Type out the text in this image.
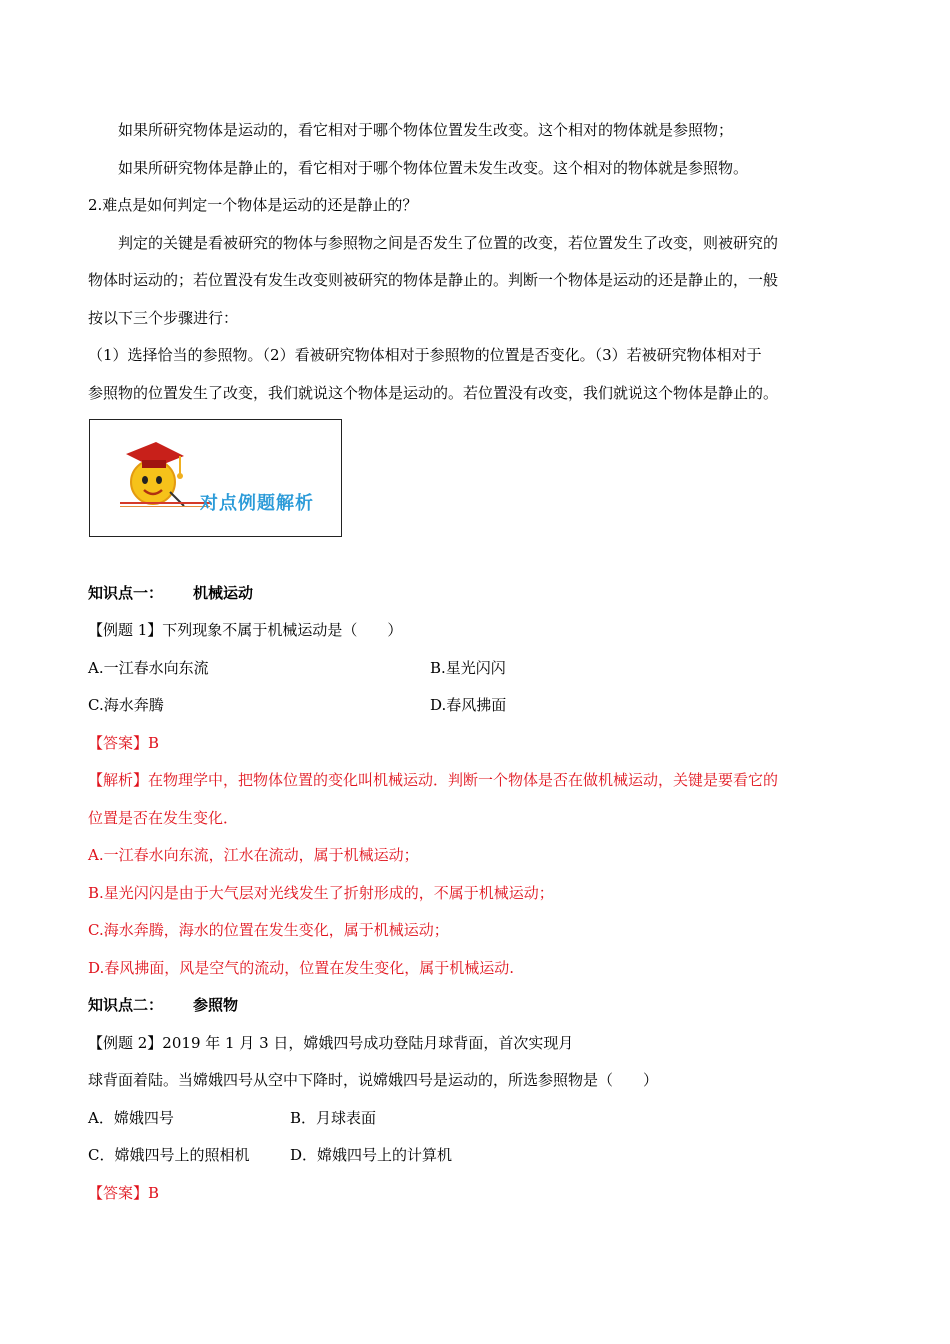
如果所研究物体是运动的，看它相对于哪个物体位置发生改变。这个相对的物体就是参照物；
如果所研究物体是静止的，看它相对于哪个物体位置未发生改变。这个相对的物体就是参照物。
2.难点是如何判定一个物体是运动的还是静止的？
判定的关键是看被研究的物体与参照物之间是否发生了位置的改变，若位置发生了改变，则被研究的
物体时运动的；若位置没有发生改变则被研究的物体是静止的。判断一个物体是运动的还是静止的，一般
按以下三个步骤进行：
（1）选择恰当的参照物。（2）看被研究物体相对于参照物的位置是否变化。（3）若被研究物体相对于
参照物的位置发生了改变，我们就说这个物体是运动的。若位置没有改变，我们就说这个物体是静止的。
对点例题解析
知识点一： 机械运动
【例题 1】下列现象不属于机械运动是（　　）
A.一江春水向东流	B.星光闪闪
C.海水奔腾	D.春风拂面
【答案】B
【解析】在物理学中，把物体位置的变化叫机械运动．判断一个物体是否在做机械运动，关键是要看它的
位置是否在发生变化．
A.一江春水向东流，江水在流动，属于机械运动；
B.星光闪闪是由于大气层对光线发生了折射形成的，不属于机械运动；
C.海水奔腾，海水的位置在发生变化，属于机械运动；
D.春风拂面，风是空气的流动，位置在发生变化，属于机械运动.
知识点二： 参照物
【例题 2】2019 年 1 月 3 日，嫦娥四号成功登陆月球背面，首次实现月
球背面着陆。当嫦娥四号从空中下降时，说嫦娥四号是运动的，所选参照物是（　　）
A．嫦娥四号	B．月球表面
C．嫦娥四号上的照相机	D．嫦娥四号上的计算机
【答案】B
